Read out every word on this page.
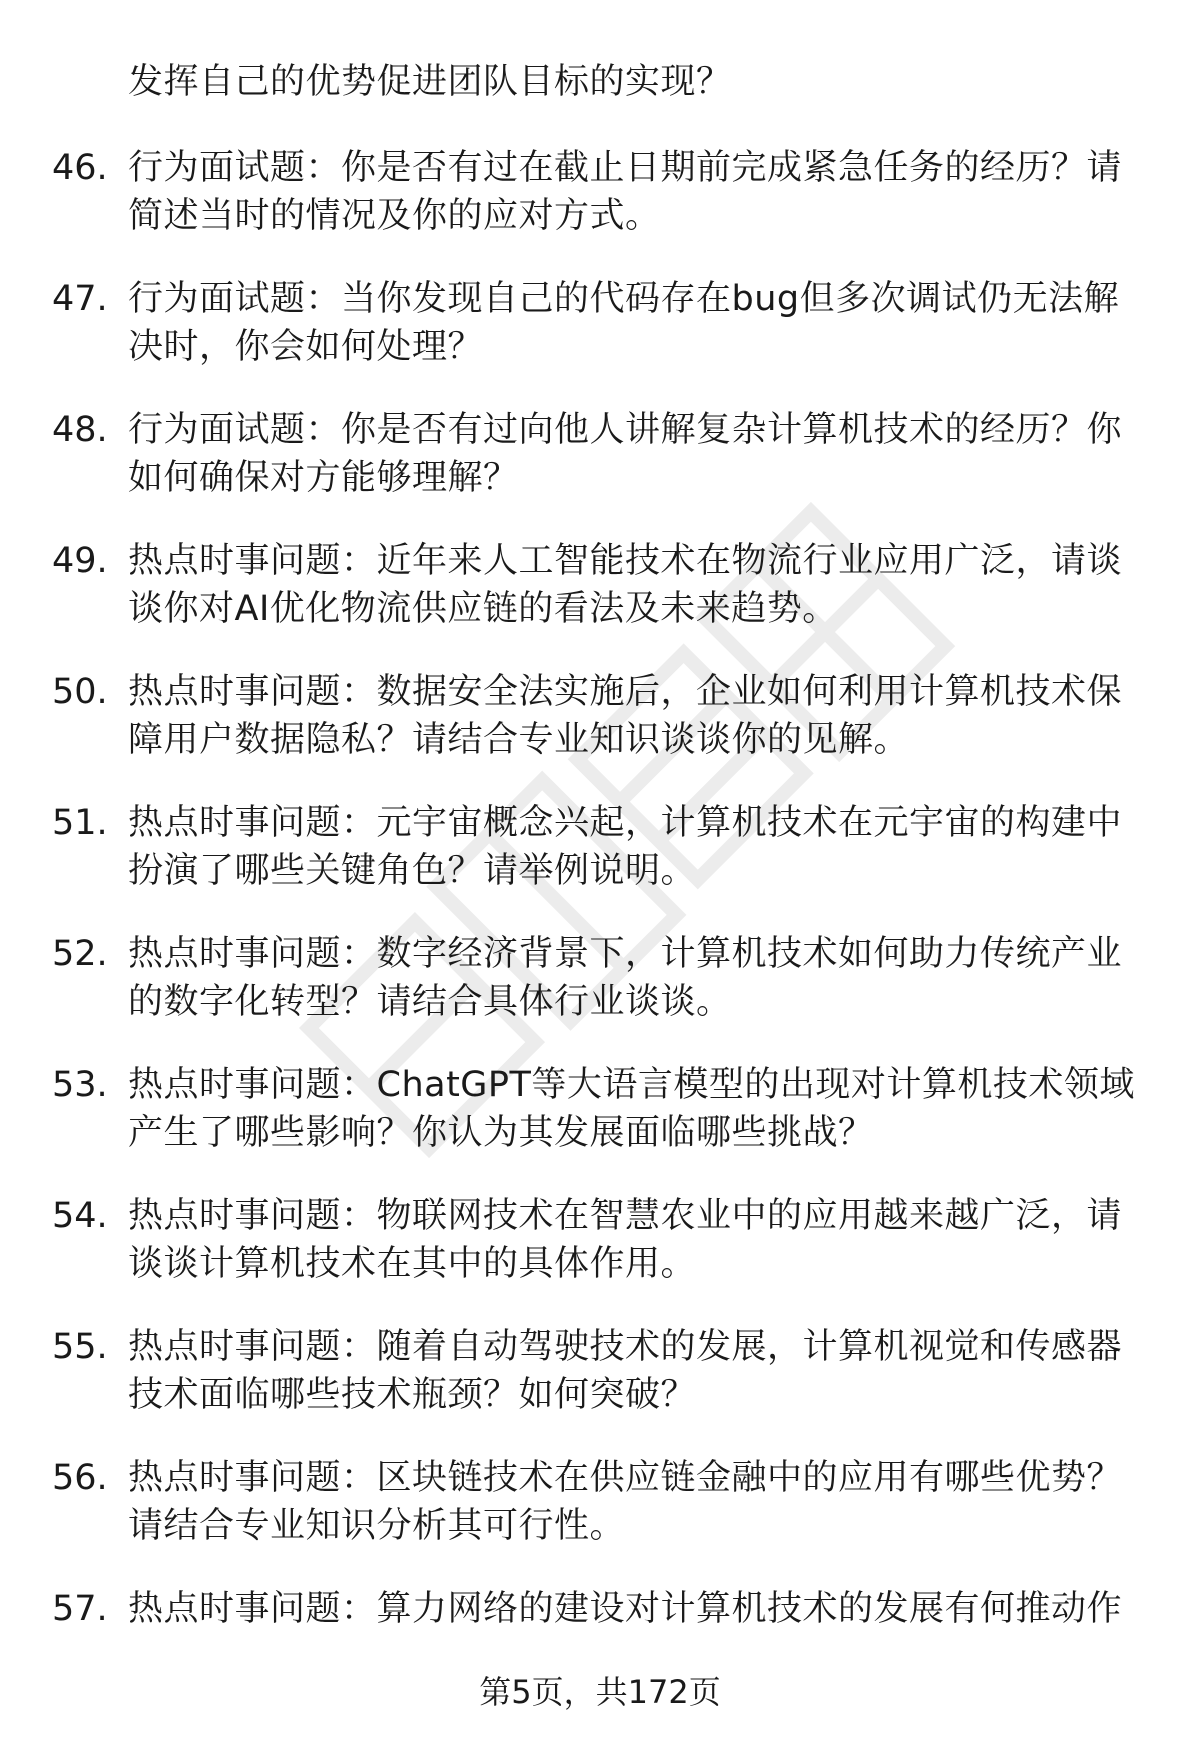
发挥自己的优势促进团队目标的实现？
46. 行为面试题：你是否有过在截止日期前完成紧急任务的经历？请简述当时的情况及你的应对方式。
47. 行为面试题：当你发现自己的代码存在bug但多次调试仍无法解决时，你会如何处理？
48. 行为面试题：你是否有过向他人讲解复杂计算机技术的经历？你如何确保对方能够理解？
49. 热点时事问题：近年来人工智能技术在物流行业应用广泛，请谈谈你对AI优化物流供应链的看法及未来趋势。
50. 热点时事问题：数据安全法实施后，企业如何利用计算机技术保障用户数据隐私？请结合专业知识谈谈你的见解。
51. 热点时事问题：元宇宙概念兴起，计算机技术在元宇宙的构建中扮演了哪些关键角色？请举例说明。
52. 热点时事问题：数字经济背景下，计算机技术如何助力传统产业的数字化转型？请结合具体行业谈谈。
53. 热点时事问题：ChatGPT等大语言模型的出现对计算机技术领域产生了哪些影响？你认为其发展面临哪些挑战？
54. 热点时事问题：物联网技术在智慧农业中的应用越来越广泛，请谈谈计算机技术在其中的具体作用。
55. 热点时事问题：随着自动驾驶技术的发展，计算机视觉和传感器技术面临哪些技术瓶颈？如何突破？
56. 热点时事问题：区块链技术在供应链金融中的应用有哪些优势？请结合专业知识分析其可行性。
57. 热点时事问题：算力网络的建设对计算机技术的发展有何推动作
第5页，共172页
